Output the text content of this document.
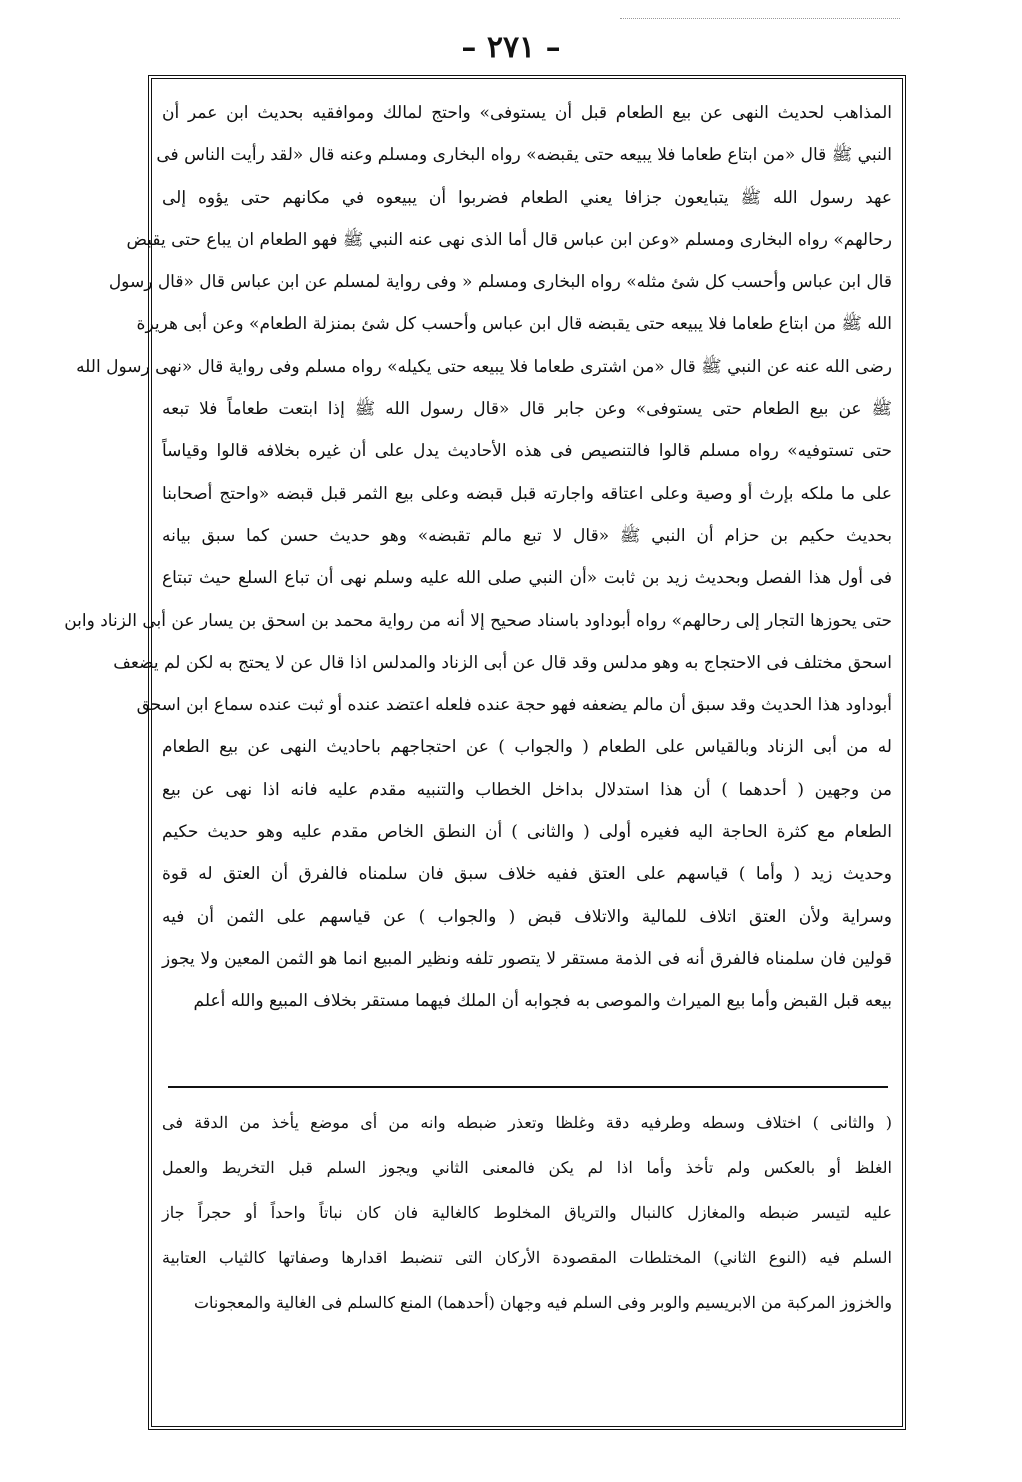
– ٢٧١ –
المذاهب لحديث النهى عن بيع الطعام قبل أن يستوفى» واحتج لمالك وموافقيه بحديث ابن عمر أن
النبي ﷺ قال «من ابتاع طعاما فلا يبيعه حتى يقبضه» رواه البخارى ومسلم وعنه قال «لقد رأيت الناس فى
عهد رسول الله ﷺ يتبايعون جزافا يعني الطعام فضربوا أن يبيعوه في مكانهم حتى يؤوه إلى
رحالهم» رواه البخارى ومسلم «وعن ابن عباس قال أما الذى نهى عنه النبي ﷺ فهو الطعام ان يباع حتى يقبض
قال ابن عباس وأحسب كل شئ مثله» رواه البخارى ومسلم « وفى رواية لمسلم عن ابن عباس قال «قال رسول
الله ﷺ من ابتاع طعاما فلا يبيعه حتى يقبضه قال ابن عباس وأحسب كل شئ بمنزلة الطعام» وعن أبى هريرة
رضى الله عنه عن النبي ﷺ قال «من اشترى طعاما فلا يبيعه حتى يكيله» رواه مسلم وفى رواية قال «نهى رسول الله
ﷺ عن بيع الطعام حتى يستوفى» وعن جابر قال «قال رسول الله ﷺ إذا ابتعت طعاماً فلا تبعه
حتى تستوفيه» رواه مسلم قالوا فالتنصيص فى هذه الأحاديث يدل على أن غيره بخلافه قالوا وقياساً
على ما ملكه بإرث أو وصية وعلى اعتاقه واجارته قبل قبضه وعلى بيع الثمر قبل قبضه «واحتج أصحابنا
بحديث حكيم بن حزام أن النبي ﷺ «قال لا تبع مالم تقبضه» وهو حديث حسن كما سبق بيانه
فى أول هذا الفصل وبحديث زيد بن ثابت «أن النبي صلى الله عليه وسلم نهى أن تباع السلع حيث تبتاع
حتى يحوزها التجار إلى رحالهم» رواه أبوداود باسناد صحيح إلا أنه من رواية محمد بن اسحق بن يسار عن أبى الزناد وابن
اسحق مختلف فى الاحتجاج به وهو مدلس وقد قال عن أبى الزناد والمدلس اذا قال عن لا يحتج به لكن لم يضعف
أبوداود هذا الحديث وقد سبق أن مالم يضعفه فهو حجة عنده فلعله اعتضد عنده أو ثبت عنده سماع ابن اسحق
له من أبى الزناد وبالقياس على الطعام ( والجواب ) عن احتجاجهم باحاديث النهى عن بيع الطعام
من وجهين ( أحدهما ) أن هذا استدلال بداخل الخطاب والتنبيه مقدم عليه فانه اذا نهى عن بيع
الطعام مع كثرة الحاجة اليه فغيره أولى ( والثانى ) أن النطق الخاص مقدم عليه وهو حديث حكيم
وحديث زيد ( وأما ) قياسهم على العتق ففيه خلاف سبق فان سلمناه فالفرق أن العتق له قوة
وسراية ولأن العتق اتلاف للمالية والاتلاف قبض ( والجواب ) عن قياسهم على الثمن أن فيه
قولين فان سلمناه فالفرق أنه فى الذمة مستقر لا يتصور تلفه ونظير المبيع انما هو الثمن المعين ولا يجوز
بيعه قبل القبض وأما بيع الميراث والموصى به فجوابه أن الملك فيهما مستقر بخلاف المبيع والله أعلم
( والثانى ) اختلاف وسطه وطرفيه دقة وغلظا وتعذر ضبطه وانه من أى موضع يأخذ من الدقة فى
الغلظ أو بالعكس ولم تأخذ وأما اذا لم يكن فالمعنى الثاني ويجوز السلم قبل التخريط والعمل
عليه لتيسر ضبطه والمغازل كالنبال والترياق المخلوط كالغالية فان كان نباتاً واحداً أو حجراً جاز
السلم فيه (النوع الثاني) المختلطات المقصودة الأركان التى تنضبط اقدارها وصفاتها كالثياب العتابية
والخزوز المركبة من الابريسيم والوبر وفى السلم فيه وجهان (أحدهما) المنع كالسلم فى الغالية والمعجونات
